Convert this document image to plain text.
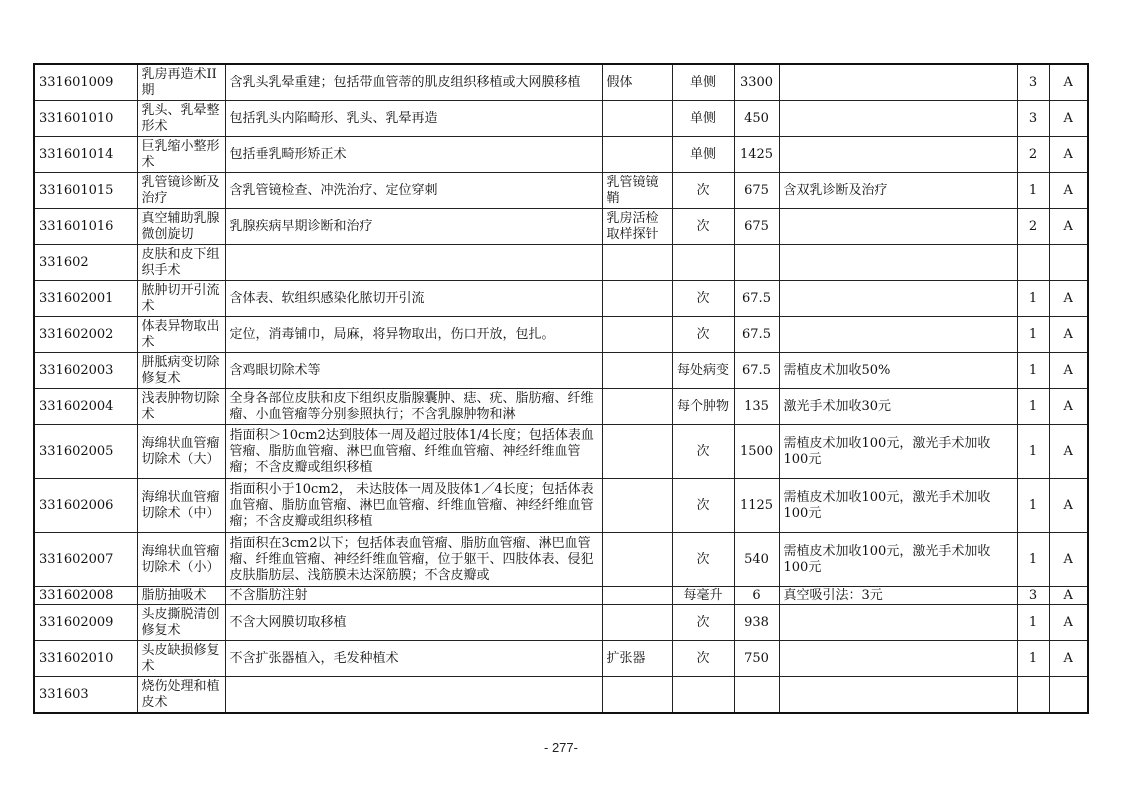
331601009	乳房再造术II期	含乳头乳晕重建；包括带血管蒂的肌皮组织移植或大网膜移植	假体	单侧	3300		3	A

331601010	乳头、乳晕整形术	包括乳头内陷畸形、乳头、乳晕再造		单侧	450		3	A

331601014	巨乳缩小整形术	包括垂乳畸形矫正术		单侧	1425		2	A

331601015	乳管镜诊断及治疗	含乳管镜检查、冲洗治疗、定位穿刺	乳管镜镜鞘	次	675	含双乳诊断及治疗	1	A

331601016	真空辅助乳腺微创旋切	乳腺疾病早期诊断和治疗	乳房活检取样探针	次	675		2	A

331602	皮肤和皮下组织手术							

331602001	脓肿切开引流术	含体表、软组织感染化脓切开引流		次	67.5		1	A

331602002	体表异物取出术	定位，消毒铺巾，局麻，将异物取出，伤口开放，包扎。		次	67.5		1	A

331602003	胼胝病变切除修复术	含鸡眼切除术等		每处病变	67.5	需植皮术加收50%	1	A

331602004	浅表肿物切除术	全身各部位皮肤和皮下组织皮脂腺囊肿、痣、疣、脂肪瘤、纤维瘤、小血管瘤等分别参照执行；不含乳腺肿物和淋		每个肿物	135	激光手术加收30元	1	A

331602005	海绵状血管瘤切除术（大）	指面积＞10cm2达到肢体一周及超过肢体1/4长度；包括体表血管瘤、脂肪血管瘤、淋巴血管瘤、纤维血管瘤、神经纤维血管瘤；不含皮瓣或组织移植		次	1500	需植皮术加收100元，激光手术加收100元	1	A

331602006	海绵状血管瘤切除术（中）	指面积小于10cm2， 未达肢体一周及肢体1／4长度；包括体表血管瘤、脂肪血管瘤、淋巴血管瘤、纤维血管瘤、神经纤维血管瘤；不含皮瓣或组织移植		次	1125	需植皮术加收100元，激光手术加收100元	1	A

331602007	海绵状血管瘤切除术（小）	指面积在3cm2以下；包括体表血管瘤、脂肪血管瘤、淋巴血管瘤、纤维血管瘤、神经纤维血管瘤，位于躯干、四肢体表、侵犯皮肤脂肪层、浅筋膜未达深筋膜；不含皮瓣或		次	540	需植皮术加收100元，激光手术加收100元	1	A

331602008	脂肪抽吸术	不含脂肪注射		每毫升	6	真空吸引法：3元	3	A

331602009	头皮撕脱清创修复术	不含大网膜切取移植		次	938		1	A

331602010	头皮缺损修复术	不含扩张器植入，毛发种植术	扩张器	次	750		1	A

331603	烧伤处理和植皮术							

- 277-
